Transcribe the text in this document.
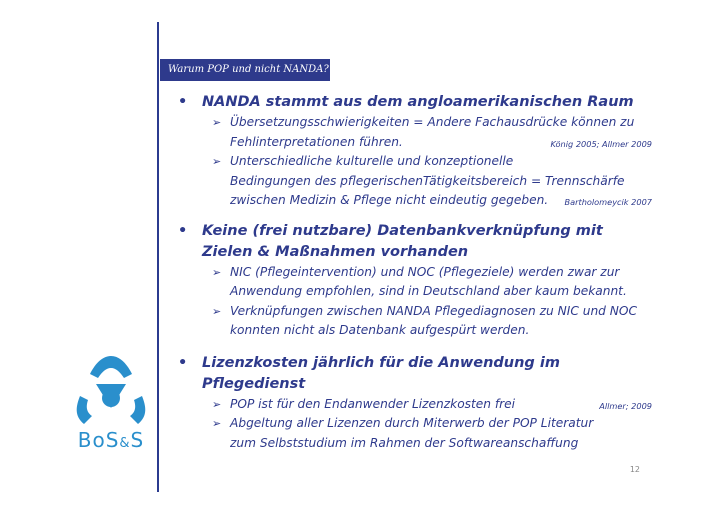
Warum POP und nicht NANDA?
• NANDA stammt aus dem angloamerikanischen Raum
➢ Übersetzungsschwierigkeiten = Andere Fachausdrücke können zu Fehlinterpretationen führen.	König 2005; Allmer 2009
➢ Unterschiedliche kulturelle und konzeptionelle Bedingungen des pflegerischenTätigkeitsbereich = Trennschärfe zwischen Medizin & Pflege nicht eindeutig gegeben. Bartholomeycik 2007
• Keine (frei nutzbare) Datenbankverknüpfung mit Zielen & Maßnahmen vorhanden
➢ NIC (Pflegeintervention) und NOC (Pflegeziele) werden zwar zur Anwendung empfohlen, sind in Deutschland aber kaum bekannt.
➢ Verknüpfungen zwischen NANDA Pflegediagnosen zu NIC und NOC konnten nicht als Datenbank aufgespürt werden.
• Lizenzkosten jährlich für die Anwendung im Pflegedienst
➢ POP ist für den Endanwender Lizenzkosten frei	Allmer; 2009
➢ Abgeltung aller Lizenzen durch Miterwerb der POP Literatur zum Selbststudium im Rahmen der Softwareanschaffung
12
BoS&S
